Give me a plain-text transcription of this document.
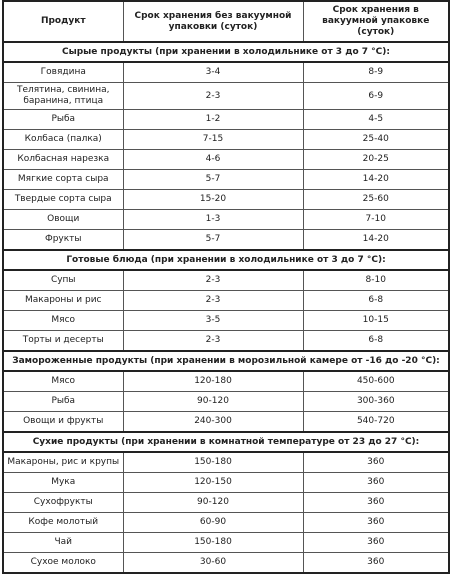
Продукт	Срок хранения без вакуумной упаковки (суток)	Срок хранения в вакуумной упаковке (суток)
Сырые продукты (при хранении в холодильнике от 3 до 7 °С):		
Говядина	3-4	8-9
Телятина, свинина, баранина, птица	2-3	6-9
Рыба	1-2	4-5
Колбаса (палка)	7-15	25-40
Колбасная нарезка	4-6	20-25
Мягкие сорта сыра	5-7	14-20
Твердые сорта сыра	15-20	25-60
Овощи	1-3	7-10
Фрукты	5-7	14-20
Готовые блюда (при хранении в холодильнике от 3 до 7 °С):		
Супы	2-3	8-10
Макароны и рис	2-3	6-8
Мясо	3-5	10-15
Торты и десерты	2-3	6-8
Замороженные продукты (при хранении в морозильной камере от -16 до -20 °С):		
Мясо	120-180	450-600
Рыба	90-120	300-360
Овощи и фрукты	240-300	540-720
Сухие продукты (при хранении в комнатной температуре от 23 до 27 °С):		
Макароны, рис и крупы	150-180	360
Мука	120-150	360
Сухофрукты	90-120	360
Кофе молотый	60-90	360
Чай	150-180	360
Сухое молоко	30-60	360
